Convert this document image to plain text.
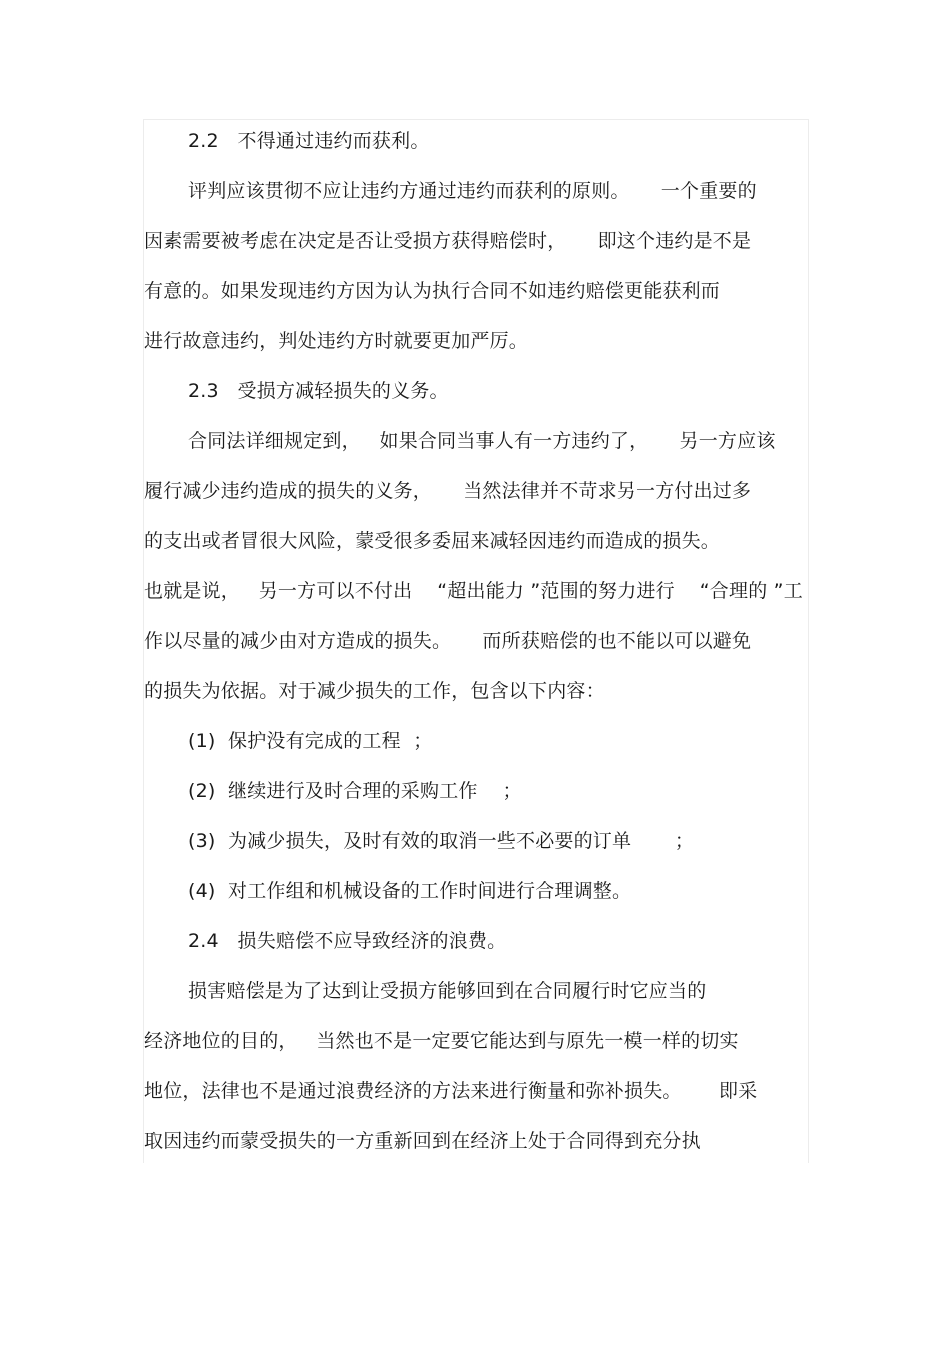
2.2   不得通过违约而获利。
评判应该贯彻不应让违约方通过违约而获利的原则。     一个重要的
因素需要被考虑在决定是否让受损方获得赔偿时，     即这个违约是不是
有意的。如果发现违约方因为认为执行合同不如违约赔偿更能获利而
进行故意违约，判处违约方时就要更加严厉。
2.3   受损方减轻损失的义务。
合同法详细规定到，   如果合同当事人有一方违约了，     另一方应该
履行减少违约造成的损失的义务，     当然法律并不苛求另一方付出过多
的支出或者冒很大风险，蒙受很多委屈来减轻因违约而造成的损失。
也就是说，   另一方可以不付出    “超出能力 ”范围的努力进行    “合理的 ”工
作以尽量的减少由对方造成的损失。     而所获赔偿的也不能以可以避免
的损失为依据。对于减少损失的工作，包含以下内容：
(1)  保护没有完成的工程  ；
(2)  继续进行及时合理的采购工作    ；
(3)  为减少损失，及时有效的取消一些不必要的订单       ；
(4)  对工作组和机械设备的工作时间进行合理调整。
2.4   损失赔偿不应导致经济的浪费。
损害赔偿是为了达到让受损方能够回到在合同履行时它应当的
经济地位的目的，   当然也不是一定要它能达到与原先一模一样的切实
地位，法律也不是通过浪费经济的方法来进行衡量和弥补损失。      即采
取因违约而蒙受损失的一方重新回到在经济上处于合同得到充分执
